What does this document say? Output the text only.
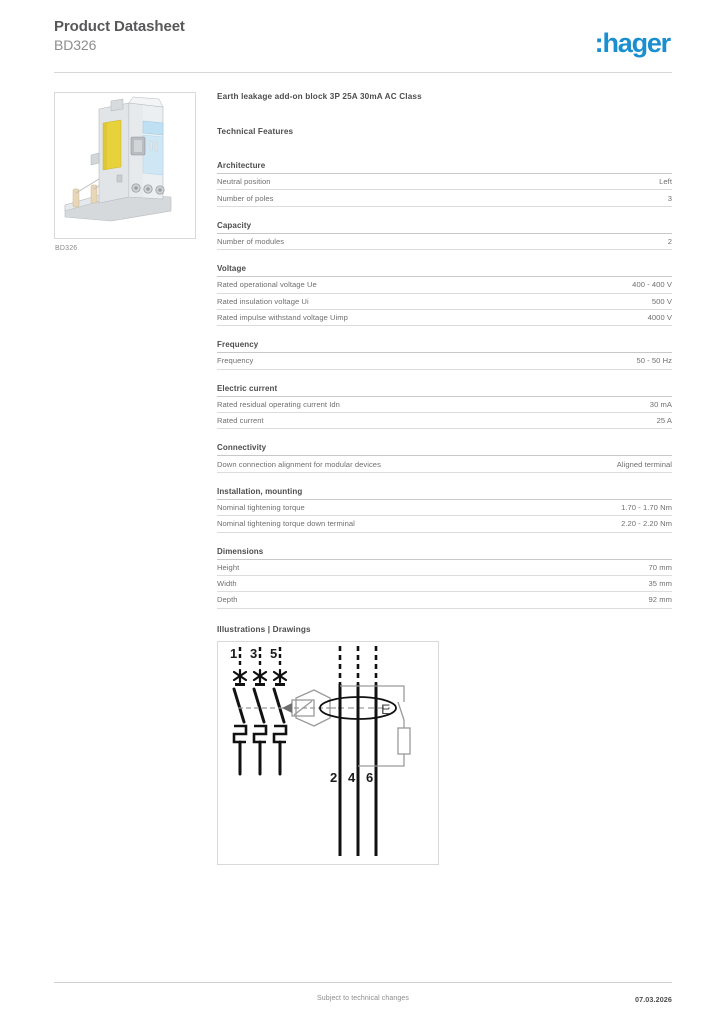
Product Datasheet
BD326	:hager
BD326
Earth leakage add-on block 3P 25A 30mA AC Class
Technical Features
Architecture
Neutral position	Left
Number of poles	3
Capacity
Number of modules	2
Voltage
Rated operational voltage Ue	400 - 400 V
Rated insulation voltage Ui	500 V
Rated impulse withstand voltage Uimp	4000 V
Frequency
Frequency	50 - 50 Hz
Electric current
Rated residual operating current Idn	30 mA
Rated current	25 A
Connectivity
Down connection alignment for modular devices	Aligned terminal
Installation, mounting
Nominal tightening torque	1.70 - 1.70 Nm
Nominal tightening torque down terminal	2.20 - 2.20 Nm
Dimensions
Height	70 mm
Width	35 mm
Depth	92 mm
Illustrations | Drawings
1 3 5
E
2 4 6
Subject to technical changes	07.03.2026
